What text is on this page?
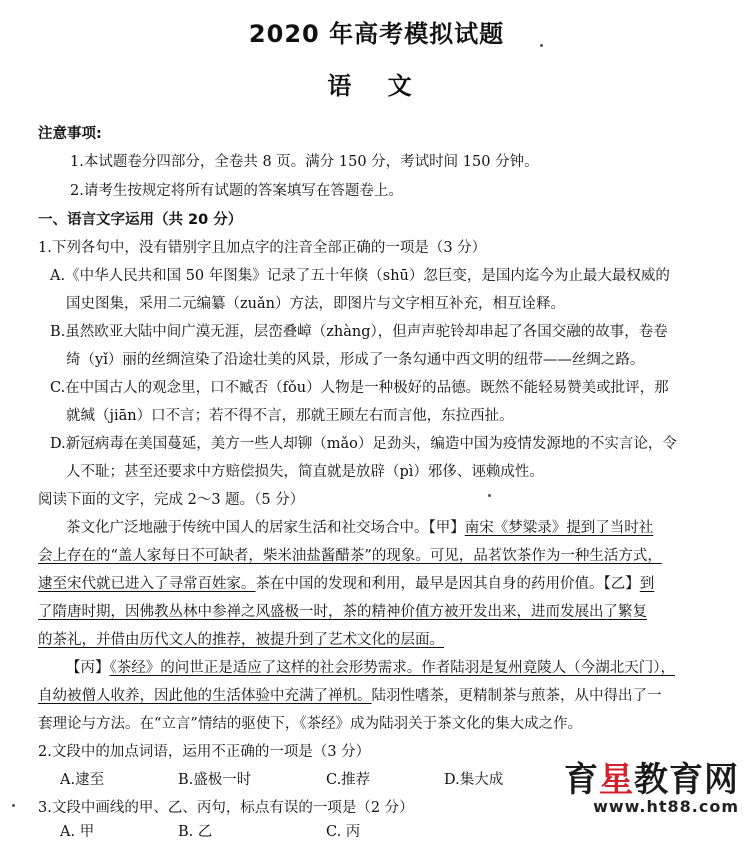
2020 年高考模拟试题
语 文
注意事项:
1.本试题卷分四部分，全卷共 8 页。满分 150 分，考试时间 150 分钟。
2.请考生按规定将所有试题的答案填写在答题卷上。
一、语言文字运用（共 20 分）
1.下列各句中，没有错别字且加点字的注音全部正确的一项是（3 分）
A.《中华人民共和国 50 年图集》记录了五十年倏（shū）忽巨变，是国内迄今为止最大最权威的
国史图集，采用二元编纂（zuǎn）方法，即图片与文字相互补充，相互诠释。
B.虽然欧亚大陆中间广漠无涯，层峦叠嶂（zhàng），但声声驼铃却串起了各国交融的故事，卷卷
绮（yǐ）丽的丝绸渲染了沿途壮美的风景，形成了一条勾通中西文明的纽带——丝绸之路。
C.在中国古人的观念里，口不臧否（fǒu）人物是一种极好的品德。既然不能轻易赞美或批评，那
就缄（jiān）口不言；若不得不言，那就王顾左右而言他，东拉西扯。
D.新冠病毒在美国蔓延，美方一些人却铆（mǎo）足劲头，编造中国为疫情发源地的不实言论，令
人不耻；甚至还要求中方赔偿损失，简直就是放辟（pì）邪侈、诬赖成性。
阅读下面的文字，完成 2～3 题。（5 分）
茶文化广泛地融于传统中国人的居家生活和社交场合中。【甲】南宋《梦粱录》提到了当时社
会上存在的“盖人家每日不可缺者，柴米油盐酱醋茶”的现象。可见，品茗饮茶作为一种生活方式，
逮至宋代就已进入了寻常百姓家。茶在中国的发现和利用，最早是因其自身的药用价值。【乙】到
了隋唐时期，因佛教丛林中参禅之风盛极一时，茶的精神价值方被开发出来，进而发展出了繁复
的茶礼，并借由历代文人的推荐，被提升到了艺术文化的层面。
【丙】《茶经》的问世正是适应了这样的社会形势需求。作者陆羽是复州竟陵人（今湖北天门），
自幼被僧人收养，因此他的生活体验中充满了禅机。陆羽性嗜茶，更精制茶与煎茶，从中得出了一
套理论与方法。在“立言”情结的驱使下，《茶经》成为陆羽关于茶文化的集大成之作。
2.文段中的加点词语，运用不正确的一项是（3 分）
A.逮至	B.盛极一时	C.推荐	D.集大成
3.文段中画线的甲、乙、丙句，标点有误的一项是（2 分）
A. 甲	B. 乙	C. 丙
育星教育网
www.ht88.com
